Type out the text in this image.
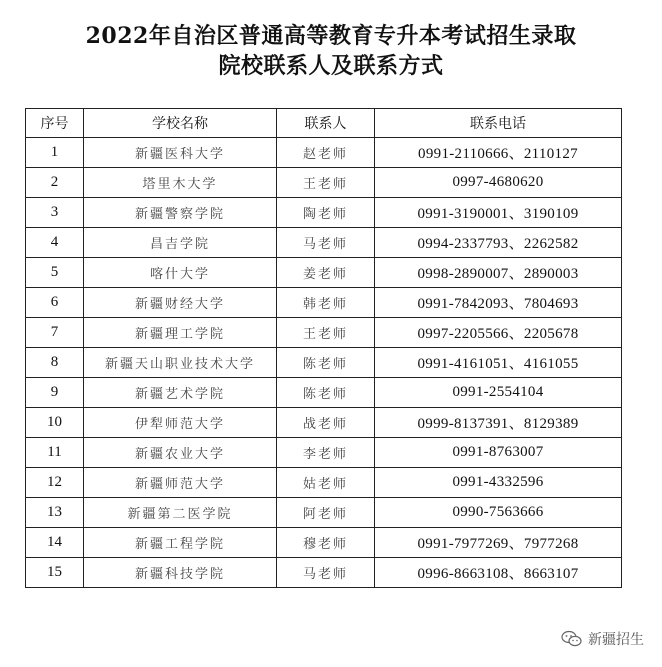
2022年自治区普通高等教育专升本考试招生录取
院校联系人及联系方式
序号	学校名称	联系人	联系电话
1	新疆医科大学	赵老师	0991-2110666、2110127
2	塔里木大学	王老师	0997-4680620
3	新疆警察学院	陶老师	0991-3190001、3190109
4	昌吉学院	马老师	0994-2337793、2262582
5	喀什大学	姜老师	0998-2890007、2890003
6	新疆财经大学	韩老师	0991-7842093、7804693
7	新疆理工学院	王老师	0997-2205566、2205678
8	新疆天山职业技术大学	陈老师	0991-4161051、4161055
9	新疆艺术学院	陈老师	0991-2554104
10	伊犁师范大学	战老师	0999-8137391、8129389
11	新疆农业大学	李老师	0991-8763007
12	新疆师范大学	姑老师	0991-4332596
13	新疆第二医学院	阿老师	0990-7563666
14	新疆工程学院	穆老师	0991-7977269、7977268
15	新疆科技学院	马老师	0996-8663108、8663107
新疆招生
